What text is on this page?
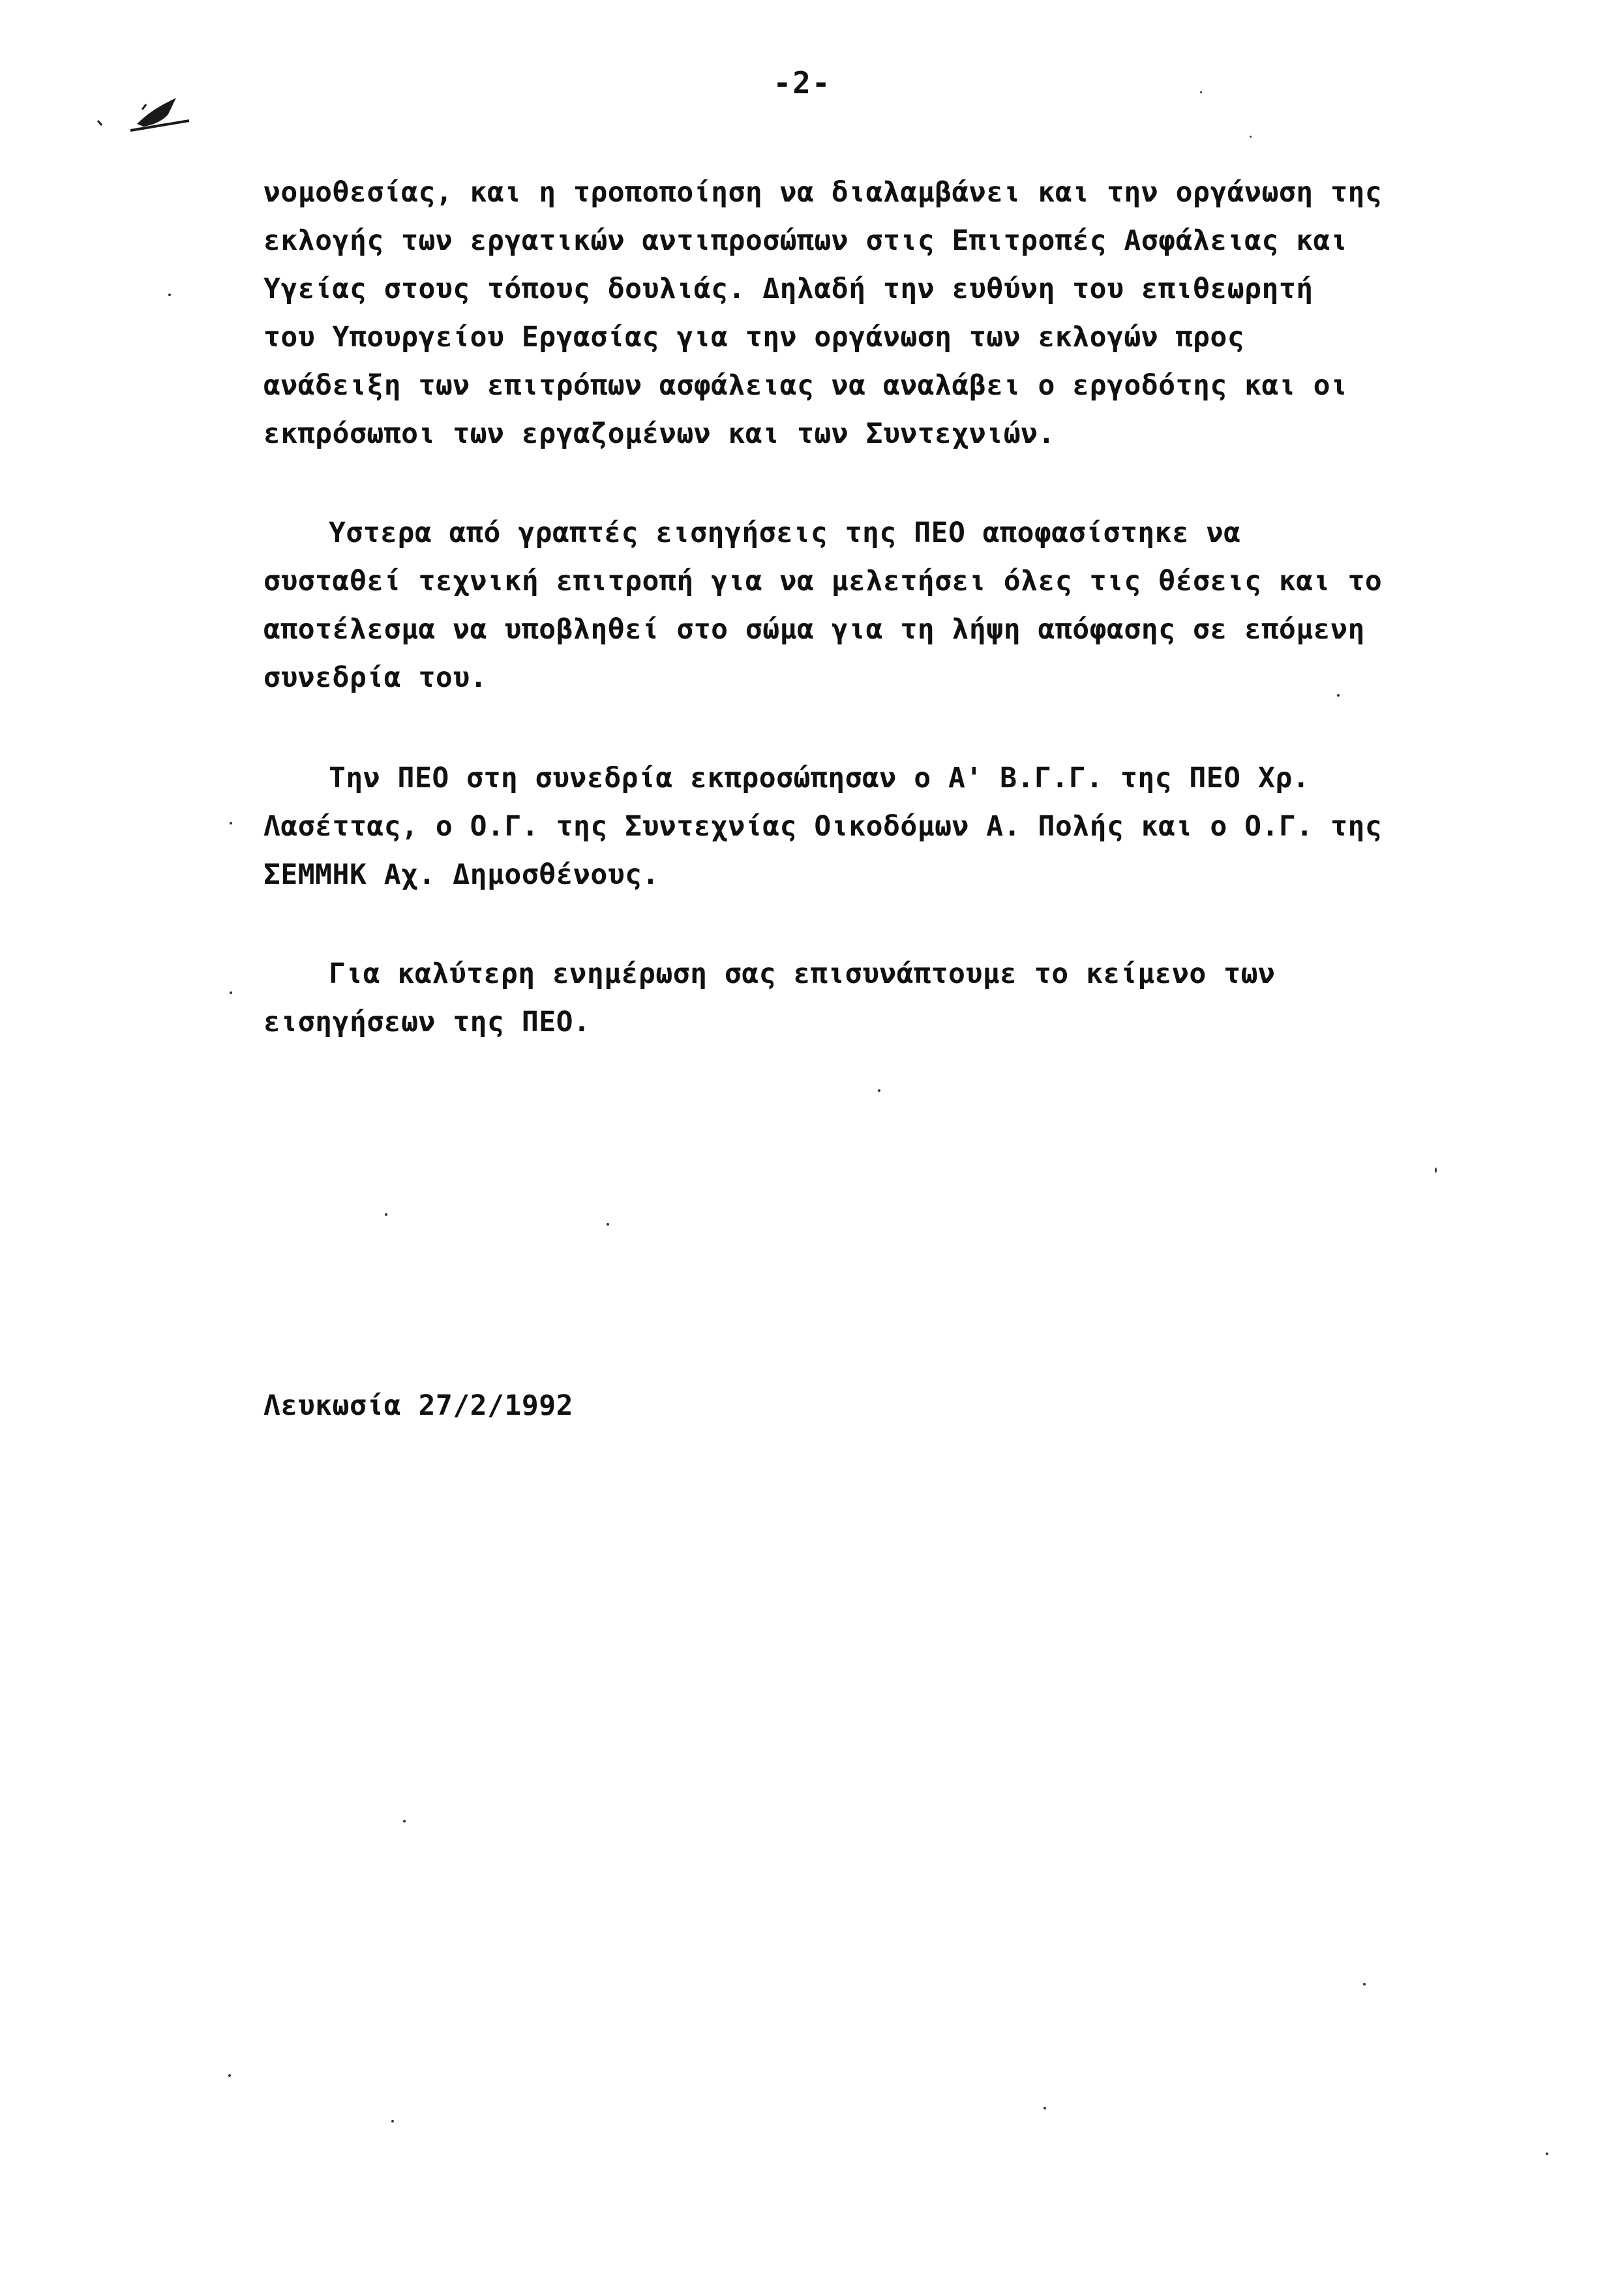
-2-
νομοθεσίας, και η τροποποίηση να διαλαμβάνει και την οργάνωση της
εκλογής των εργατικών αντιπροσώπων στις Επιτροπές Ασφάλειας και
Υγείας στους τόπους δουλιάς. Δηλαδή την ευθύνη του επιθεωρητή
του Υπουργείου Εργασίας για την οργάνωση των εκλογών προς
ανάδειξη των επιτρόπων ασφάλειας να αναλάβει ο εργοδότης και οι
εκπρόσωποι των εργαζομένων και των Συντεχνιών.
Υστερα από γραπτές εισηγήσεις της ΠΕΟ αποφασίστηκε να
συσταθεί τεχνική επιτροπή για να μελετήσει όλες τις θέσεις και το
αποτέλεσμα να υποβληθεί στο σώμα για τη λήψη απόφασης σε επόμενη
συνεδρία του.
Την ΠΕΟ στη συνεδρία εκπροσώπησαν ο Α' Β.Γ.Γ. της ΠΕΟ Χρ.
Λασέττας, ο Ο.Γ. της Συντεχνίας Οικοδόμων Α. Πολής και ο Ο.Γ. της
ΣΕΜΜΗΚ Αχ. Δημοσθένους.
Για καλύτερη ενημέρωση σας επισυνάπτουμε το κείμενο των
εισηγήσεων της ΠΕΟ.
Λευκωσία 27/2/1992
